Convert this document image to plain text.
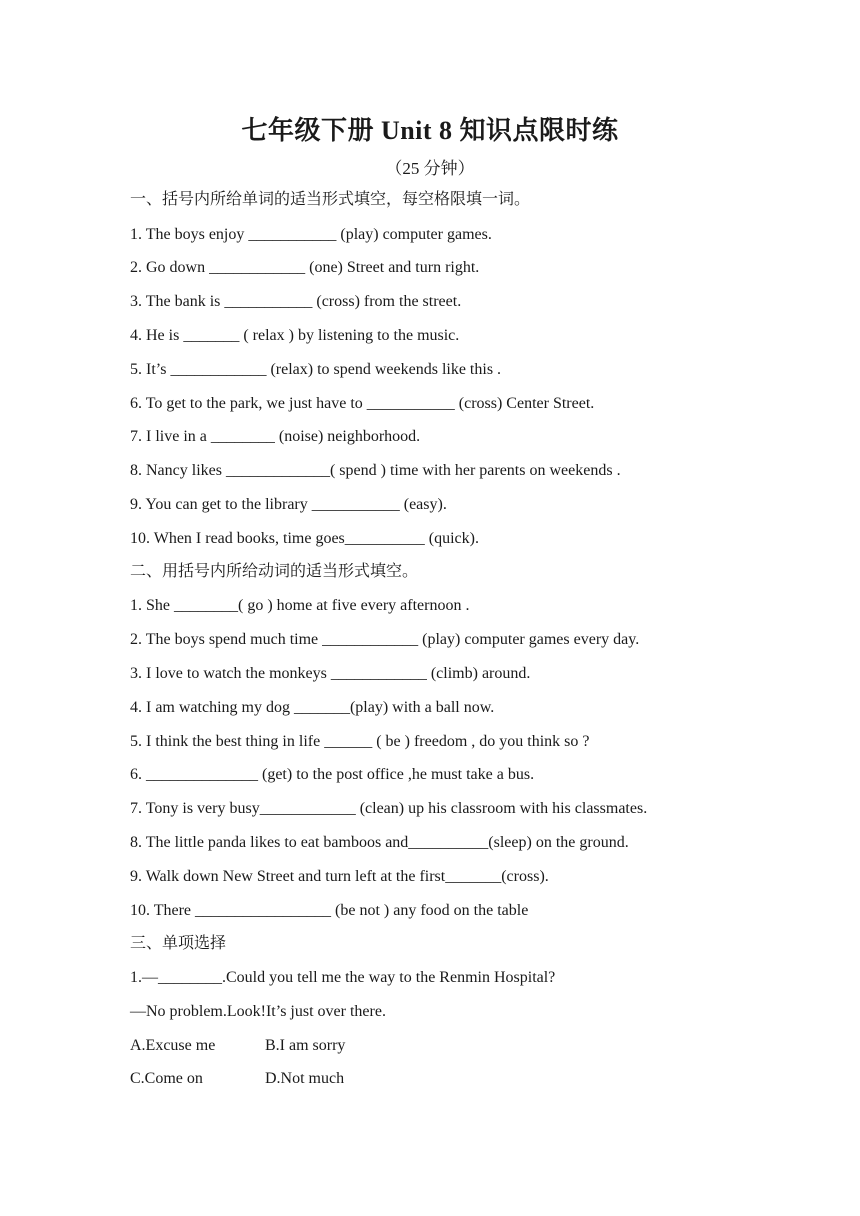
七年级下册 Unit 8 知识点限时练
（25 分钟）
一、括号内所给单词的适当形式填空，每空格限填一词。
1. The boys enjoy ___________ (play) computer games.
2. Go down ____________ (one) Street and turn right.
3. The bank is ___________ (cross) from the street.
4. He is _______ ( relax ) by listening to the music.
5. It’s ____________ (relax) to spend weekends like this .
6. To get to the park, we just have to ___________ (cross) Center Street.
7. I live in a ________ (noise) neighborhood.
8. Nancy likes _____________( spend ) time with her parents on weekends .
9. You can get to the library ___________ (easy).
10. When I read books, time goes__________ (quick).
二、用括号内所给动词的适当形式填空。
1. She ________( go ) home at five every afternoon .
2. The boys spend much time ____________ (play) computer games every day.
3. I love to watch the monkeys ____________ (climb) around.
4. I am watching my dog _______(play) with a ball now.
5. I think the best thing in life ______ ( be ) freedom , do you think so ?
6. ______________ (get) to the post office ,he must take a bus.
7. Tony is very busy____________ (clean) up his classroom with his classmates.
8. The little panda likes to eat bamboos and__________(sleep) on the ground.
9. Walk down New Street and turn left at the first_______(cross).
10. There _________________ (be not ) any food on the table
三、单项选择
1.—________.Could you tell me the way to the Renmin Hospital?
—No problem.Look!It’s just over there.
A.Excuse me	B.I am sorry
C.Come on	D.Not much
